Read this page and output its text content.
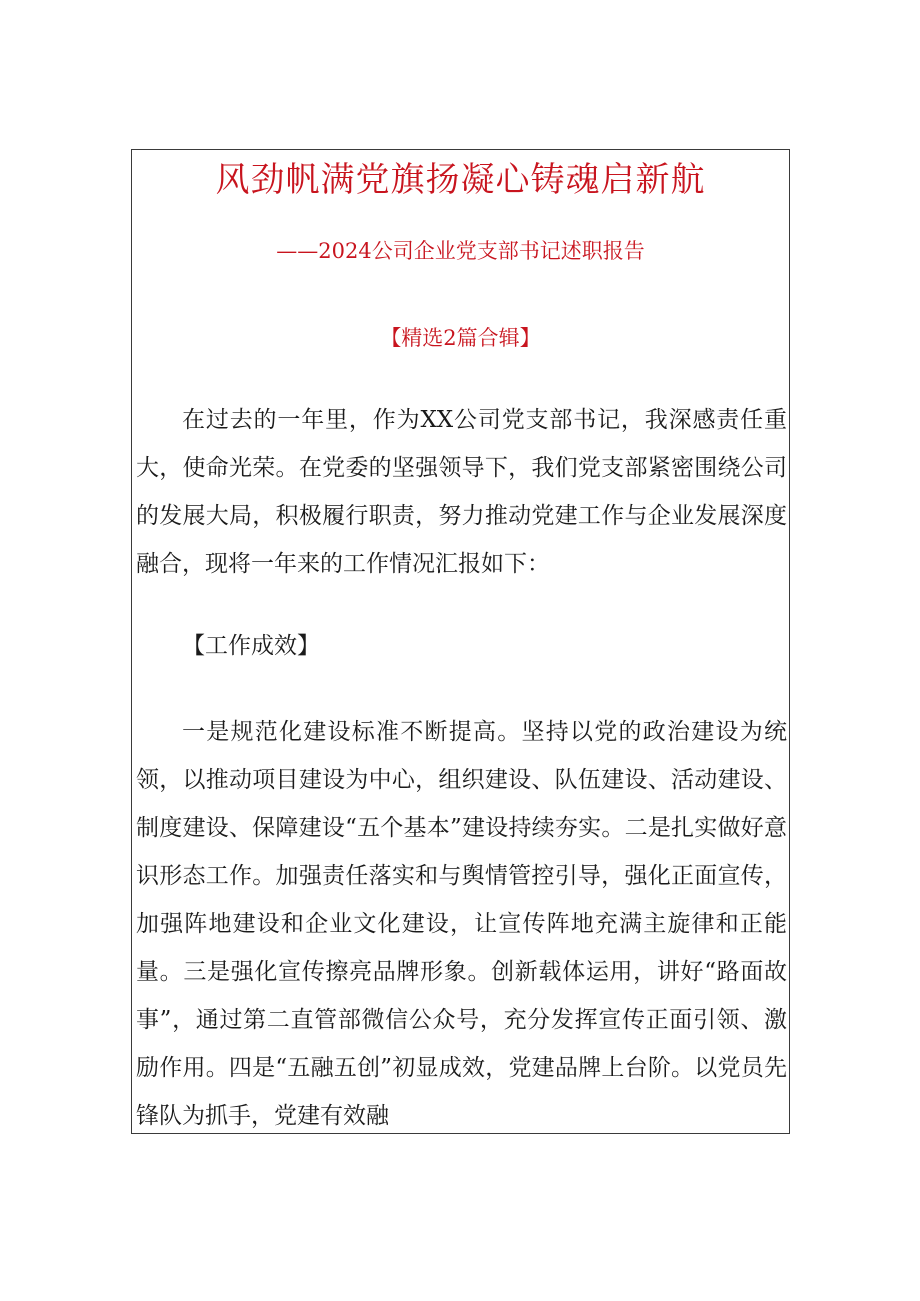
风劲帆满党旗扬凝心铸魂启新航
——2024公司企业党支部书记述职报告
【精选2篇合辑】
在过去的一年里，作为XX公司党支部书记，我深感责任重大，使命光荣。在党委的坚强领导下，我们党支部紧密围绕公司的发展大局，积极履行职责，努力推动党建工作与企业发展深度融合，现将一年来的工作情况汇报如下：
【工作成效】
一是规范化建设标准不断提高。坚持以党的政治建设为统领，以推动项目建设为中心，组织建设、队伍建设、活动建设、制度建设、保障建设“五个基本”建设持续夯实。二是扎实做好意识形态工作。加强责任落实和与舆情管控引导，强化正面宣传，加强阵地建设和企业文化建设，让宣传阵地充满主旋律和正能量。三是强化宣传擦亮品牌形象。创新载体运用，讲好“路面故事”，通过第二直管部微信公众号，充分发挥宣传正面引领、激励作用。四是“五融五创”初显成效，党建品牌上台阶。以党员先锋队为抓手，党建有效融
